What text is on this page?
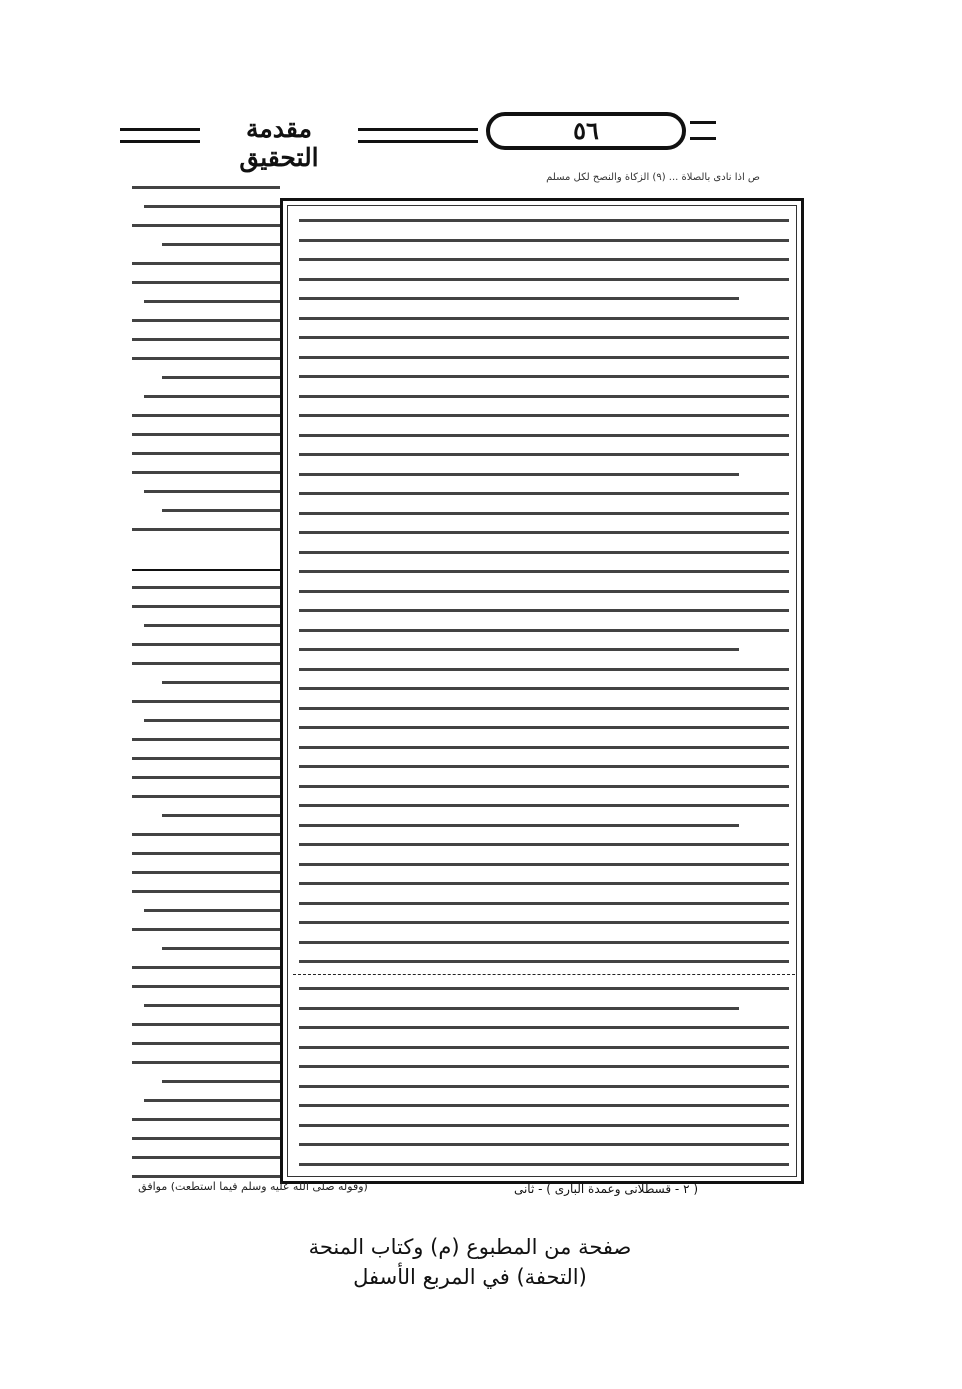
مقدمة التحقيق
٥٦
ص اذا نادى بالصلاة ... (٩) الزكاة والنصح لكل مسلم
(وقوله صلى الله عليه وسلم فيما استطعت) موافق	( ٢ - قسطلانى وعمدة البارى ) - ثانى
صفحة من المطبوع (م) وكتاب المنحة
(التحفة) في المربع الأسفل
